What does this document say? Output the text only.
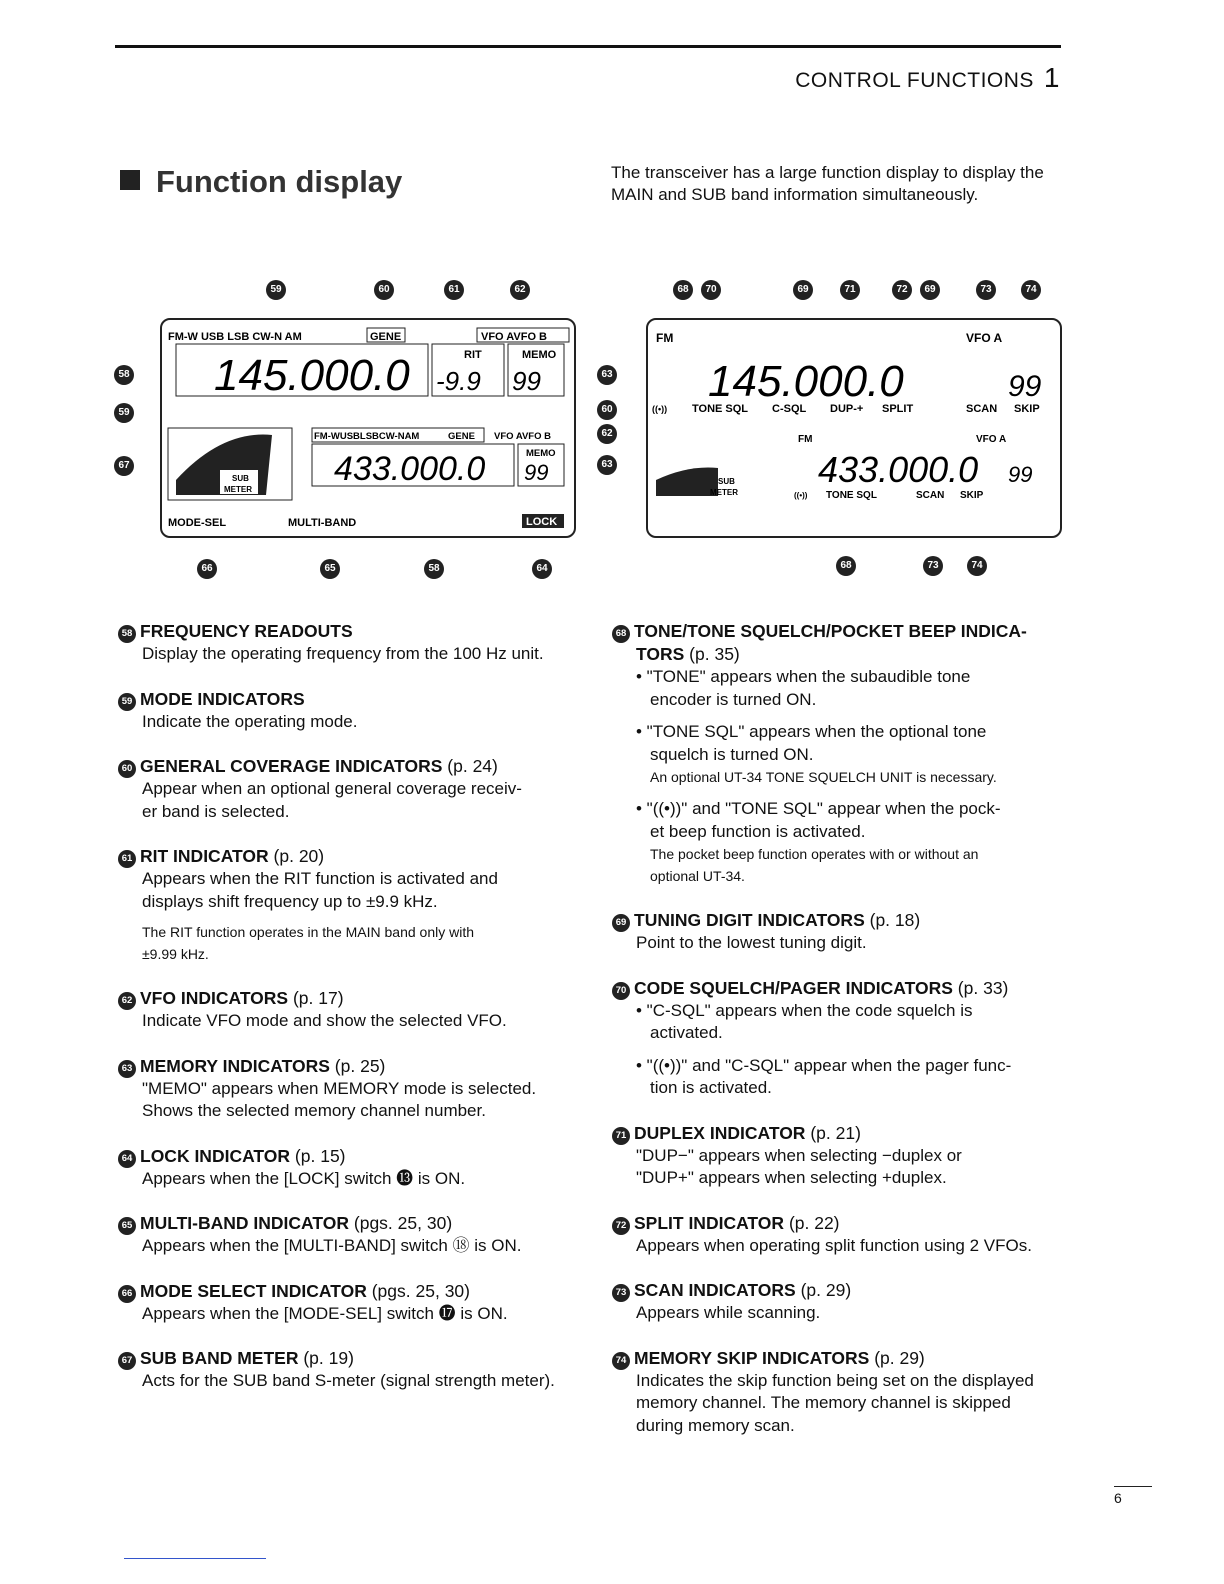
CONTROL FUNCTIONS 1
Function display	The transceiver has a large function display to display the MAIN and SUB band information simultaneously.
FM-W USB LSB CW-N AM	GENE	VFO AVFO B
145.000.0	RIT
-9.9
MEMO
99
FM-WUSBLSBCW-NAM	GENE VFO AVFO B
SUB
METER
433.000.0	MEMO
99
MODE-SEL	MULTI-BAND	LOCK
FM	VFO A
145.000.0	99
((•)) TONE SQL C-SQL DUP-+ SPLIT	SCAN SKIP
FM	VFO A
SUB
METER
433.000.0 99
((•)) TONE SQL	SCAN SKIP
59	60	61	62
58
59
67
63
60
62
63
66	65	58	64
68	70	69	71	72	69	73	74
68	73	74
58 FREQUENCY READOUTS
Display the operating frequency from the 100 Hz unit.
59 MODE INDICATORS
Indicate the operating mode.
60 GENERAL COVERAGE INDICATORS (p. 24)
Appear when an optional general coverage receiv-
er band is selected.
61 RIT INDICATOR (p. 20)
Appears when the RIT function is activated and
displays shift frequency up to ±9.9 kHz.
The RIT function operates in the MAIN band only with
±9.99 kHz.
62 VFO INDICATORS (p. 17)
Indicate VFO mode and show the selected VFO.
63 MEMORY INDICATORS (p. 25)
"MEMO" appears when MEMORY mode is selected.
Shows the selected memory channel number.
64 LOCK INDICATOR (p. 15)
Appears when the [LOCK] switch ⓭ is ON.
65 MULTI-BAND INDICATOR (pgs. 25, 30)
Appears when the [MULTI-BAND] switch ⑱ is ON.
66 MODE SELECT INDICATOR (pgs. 25, 30)
Appears when the [MODE-SEL] switch ⓱ is ON.
67 SUB BAND METER (p. 19)
Acts for the SUB band S-meter (signal strength meter).
68 TONE/TONE SQUELCH/POCKET BEEP INDICA-
TORS (p. 35)
• "TONE" appears when the subaudible tone
encoder is turned ON.
• "TONE SQL" appears when the optional tone
squelch is turned ON.
An optional UT-34 TONE SQUELCH UNIT is necessary.
• "((•))" and "TONE SQL" appear when the pock-
et beep function is activated.
The pocket beep function operates with or without an
optional UT-34.
69 TUNING DIGIT INDICATORS (p. 18)
Point to the lowest tuning digit.
70 CODE SQUELCH/PAGER INDICATORS (p. 33)
• "C-SQL" appears when the code squelch is
activated.
• "((•))" and "C-SQL" appear when the pager func-
tion is activated.
71 DUPLEX INDICATOR (p. 21)
"DUP−" appears when selecting −duplex or
"DUP+" appears when selecting +duplex.
72 SPLIT INDICATOR (p. 22)
Appears when operating split function using 2 VFOs.
73 SCAN INDICATORS (p. 29)
Appears while scanning.
74 MEMORY SKIP INDICATORS (p. 29)
Indicates the skip function being set on the displayed
memory channel. The memory channel is skipped
during memory scan.
6
